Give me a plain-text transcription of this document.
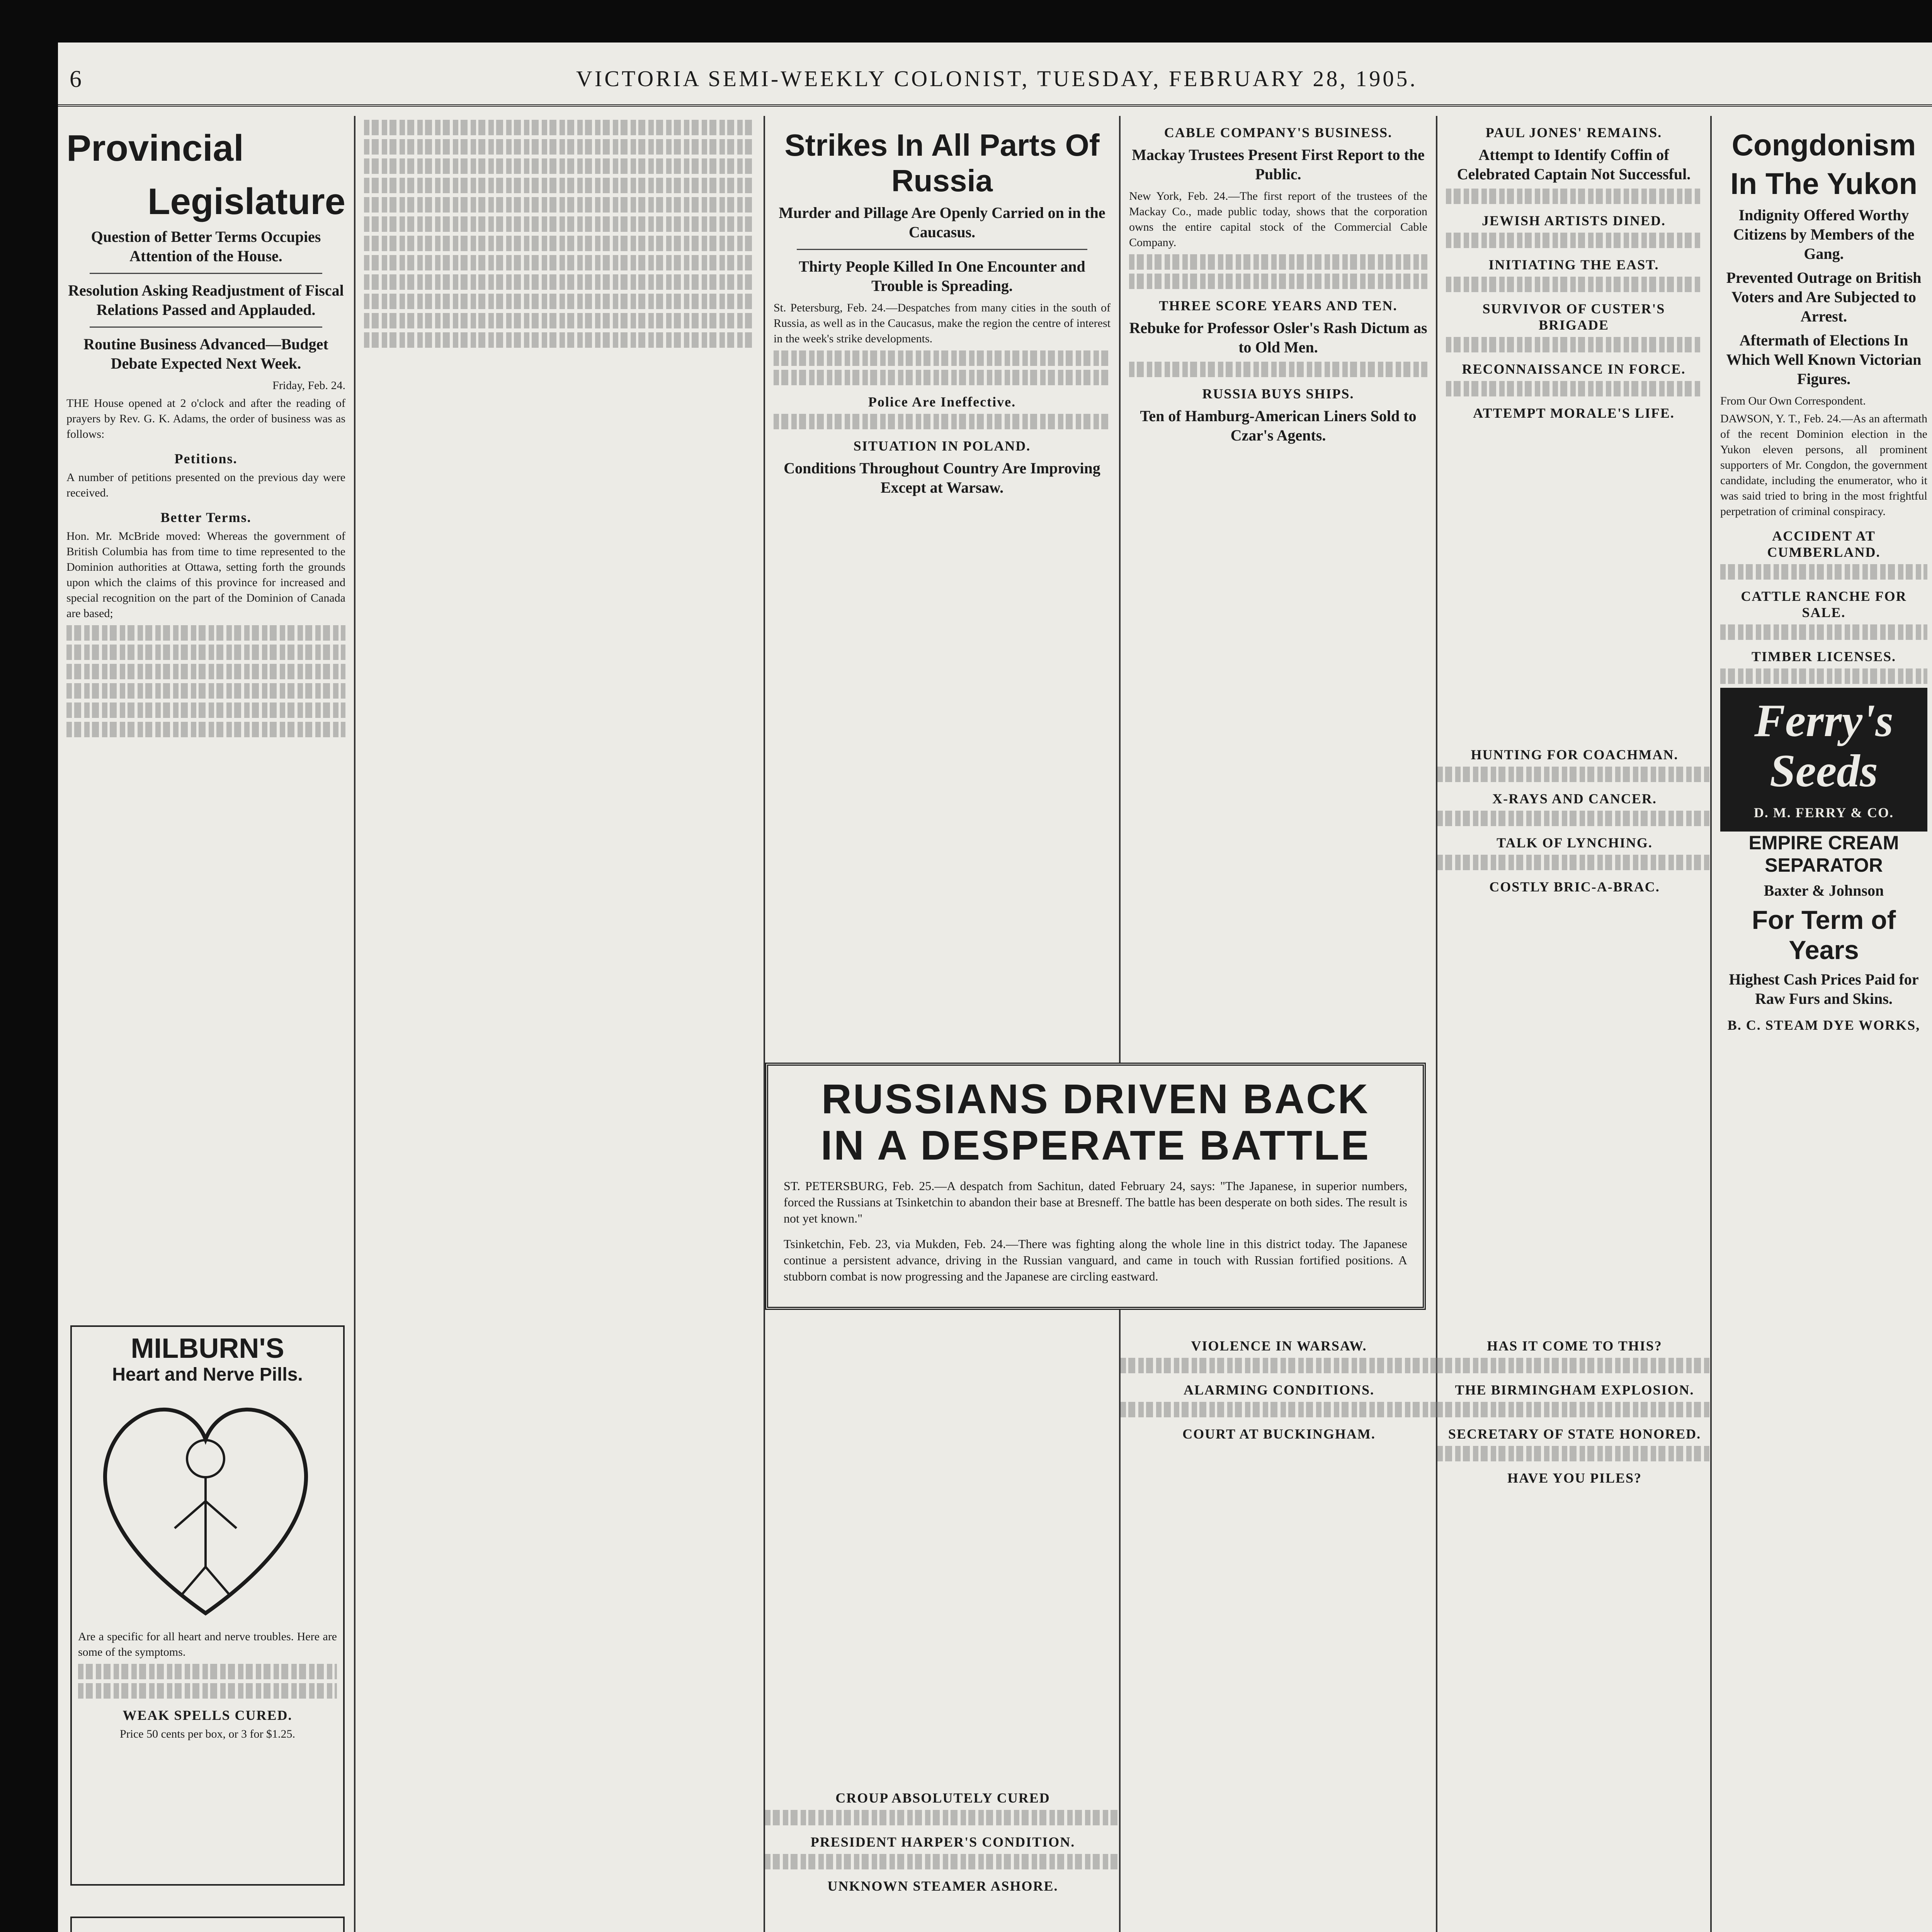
6	VICTORIA SEMI-WEEKLY COLONIST, TUESDAY, FEBRUARY 28, 1905.
Provincial
Legislature
Question of Better Terms Occupies Attention of the House.
Resolution Asking Readjustment of Fiscal Relations Passed and Applauded.
Routine Business Advanced—Budget Debate Expected Next Week.
Friday, Feb. 24.
THE House opened at 2 o'clock and after the reading of prayers by Rev. G. K. Adams, the order of business was as follows:
Petitions.
A number of petitions presented on the previous day were received.
Better Terms.
Hon. Mr. McBride moved: Whereas the government of British Columbia has from time to time represented to the Dominion authorities at Ottawa, setting forth the grounds upon which the claims of this province for increased and special recognition on the part of the Dominion of Canada are based;
MILBURN'S
Heart and Nerve Pills.
Are a specific for all heart and nerve troubles. Here are some of the symptoms.
WEAK SPELLS CURED.
Price 50 cents per box, or 3 for $1.25.
Strikes In All Parts Of Russia
Murder and Pillage Are Openly Carried on in the Caucasus.
Thirty People Killed In One Encounter and Trouble is Spreading.
St. Petersburg, Feb. 24.—Despatches from many cities in the south of Russia, as well as in the Caucasus, make the region the centre of interest in the week's strike developments.
Police Are Ineffective.
SITUATION IN POLAND.
Conditions Throughout Country Are Improving Except at Warsaw.
CABLE COMPANY'S BUSINESS.
Mackay Trustees Present First Report to the Public.
New York, Feb. 24.—The first report of the trustees of the Mackay Co., made public today, shows that the corporation owns the entire capital stock of the Commercial Cable Company.
THREE SCORE YEARS AND TEN.
Rebuke for Professor Osler's Rash Dictum as to Old Men.
RUSSIA BUYS SHIPS.
Ten of Hamburg-American Liners Sold to Czar's Agents.
PAUL JONES' REMAINS.
Attempt to Identify Coffin of Celebrated Captain Not Successful.
JEWISH ARTISTS DINED.
INITIATING THE EAST.
SURVIVOR OF CUSTER'S BRIGADE
RECONNAISSANCE IN FORCE.
ATTEMPT MORALE'S LIFE.
RUSSIANS DRIVEN BACK
IN A DESPERATE BATTLE
ST. PETERSBURG, Feb. 25.—A despatch from Sachitun, dated February 24, says: "The Japanese, in superior numbers, forced the Russians at Tsinketchin to abandon their base at Bresneff. The battle has been desperate on both sides. The result is not yet known."
Tsinketchin, Feb. 23, via Mukden, Feb. 24.—There was fighting along the whole line in this district today. The Japanese continue a persistent advance, driving in the Russian vanguard, and came in touch with Russian fortified positions. A stubborn combat is now progressing and the Japanese are circling eastward.
VIOLENCE IN WARSAW.
ALARMING CONDITIONS.
COURT AT BUCKINGHAM.
CROUP ABSOLUTELY CURED
PRESIDENT HARPER'S CONDITION.
UNKNOWN STEAMER ASHORE.
HAS IT COME TO THIS?
THE BIRMINGHAM EXPLOSION.
SECRETARY OF STATE HONORED.
HAVE YOU PILES?
HUNTING FOR COACHMAN.
X-RAYS AND CANCER.
TALK OF LYNCHING.
COSTLY BRIC-A-BRAC.
Congdonism
In The Yukon
Indignity Offered Worthy Citizens by Members of the Gang.
Prevented Outrage on British Voters and Are Subjected to Arrest.
Aftermath of Elections In Which Well Known Victorian Figures.
From Our Own Correspondent.
DAWSON, Y. T., Feb. 24.—As an aftermath of the recent Dominion election in the Yukon eleven persons, all prominent supporters of Mr. Congdon, the government candidate, including the enumerator, who it was said tried to bring in the most frightful perpetration of criminal conspiracy.
ACCIDENT AT CUMBERLAND.
CATTLE RANCHE FOR SALE.
TIMBER LICENSES.
Ferry's
Seeds
D. M. FERRY & CO.
EMPIRE CREAM SEPARATOR
Baxter & Johnson
For Term of Years
Highest Cash Prices Paid for Raw Furs and Skins.
B. C. STEAM DYE WORKS,
